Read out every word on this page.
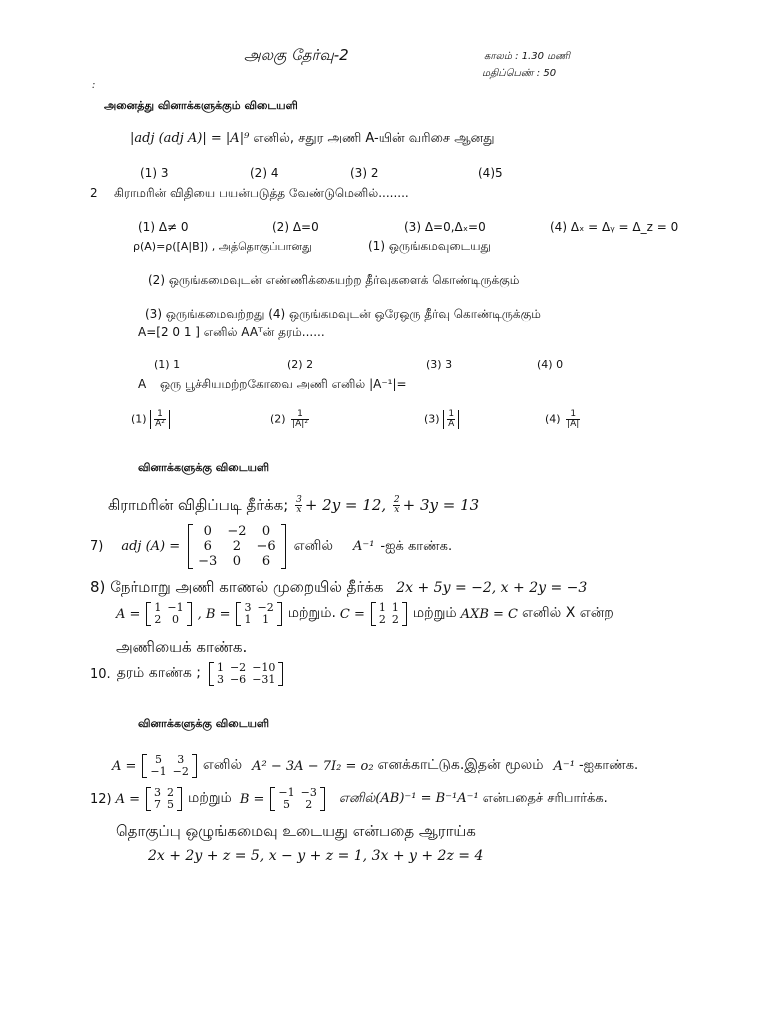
அலகு தேர்வு-2	காலம் : 1.30 மணி
மதிப்பெண் : 50
:
அனைத்து வினாக்களுக்கும் விடையளி
|adj (adj A)| = |A|⁹ எனில், சதுர அணி A-யின் வரிசை ஆனது
(1) 3	(2) 4	(3) 2	(4)5
2 கிராமரின் விதியை பயன்படுத்த வேண்டுமெனில்........
(1) Δ≠ 0	(2) Δ=0	(3) Δ=0,Δₓ=0	(4) Δₓ = Δᵧ = Δ_z = 0
ρ(A)=ρ([A|B]) , அத்தொகுப்பானது	(1) ஒருங்கமவுடையது
(2) ஒருங்கமைவுடன் எண்ணிக்கையற்ற தீர்வுகளைக் கொண்டிருக்கும்
(3) ஒருங்கமைவற்றது (4) ஒருங்கமவுடன் ஒரேஒரு தீர்வு கொண்டிருக்கும்
A=[2 0 1 ] எனில் AAᵀன் தரம்......
(1) 1	(2) 2	(3) 3	(4) 0
A ஒரு பூச்சியமற்றகோவை அணி எனில் |A⁻¹|=
$(1) \frac{1}{\text{A²}}$	$(2) \frac{1}{\text{|A|²}}$	$(3) \frac{1}{A}$	$(4) \frac{1}{|A|}$
வினாக்களுக்கு விடையளி
கிராமரின் விதிப்படி தீர்க்க; $\frac{3}{x} + 2y = 12$, $\frac{2}{x} + 3y = 13$
7) adj (A) =
0	−2	0
6	2	−6
−3	0	6
எனில் A⁻¹ -ஐக் காண்க.
8) நேர்மாறு அணி காணல் முறையில் தீர்க்க 2x + 5y = −2, x + 2y = −3
A = 1	−1
2	0 , B = 3	−2
1	1 மற்றும். C = 1	1
2	2 மற்றும் AXB = C எனில் X என்ற
அணியைக் காண்க.
10. தரம் காண்க ; 1	−2	−10
3	−6	−31
வினாக்களுக்கு விடையளி
A = 5	3
−1	−2 எனில் A² − 3A − 7I₂ = o₂ எனக்காட்டுக.இதன் மூலம் A⁻¹ -ஐகாண்க.
12) A = 3	2
7	5 மற்றும் B = −1	−3
5	2 எனில்(AB)⁻¹ = B⁻¹A⁻¹ என்பதைச் சரிபார்க்க.
தொகுப்பு ஒழுங்கமைவு உடையது என்பதை ஆராய்க
2x + 2y + z = 5, x − y + z = 1, 3x + y + 2z = 4
